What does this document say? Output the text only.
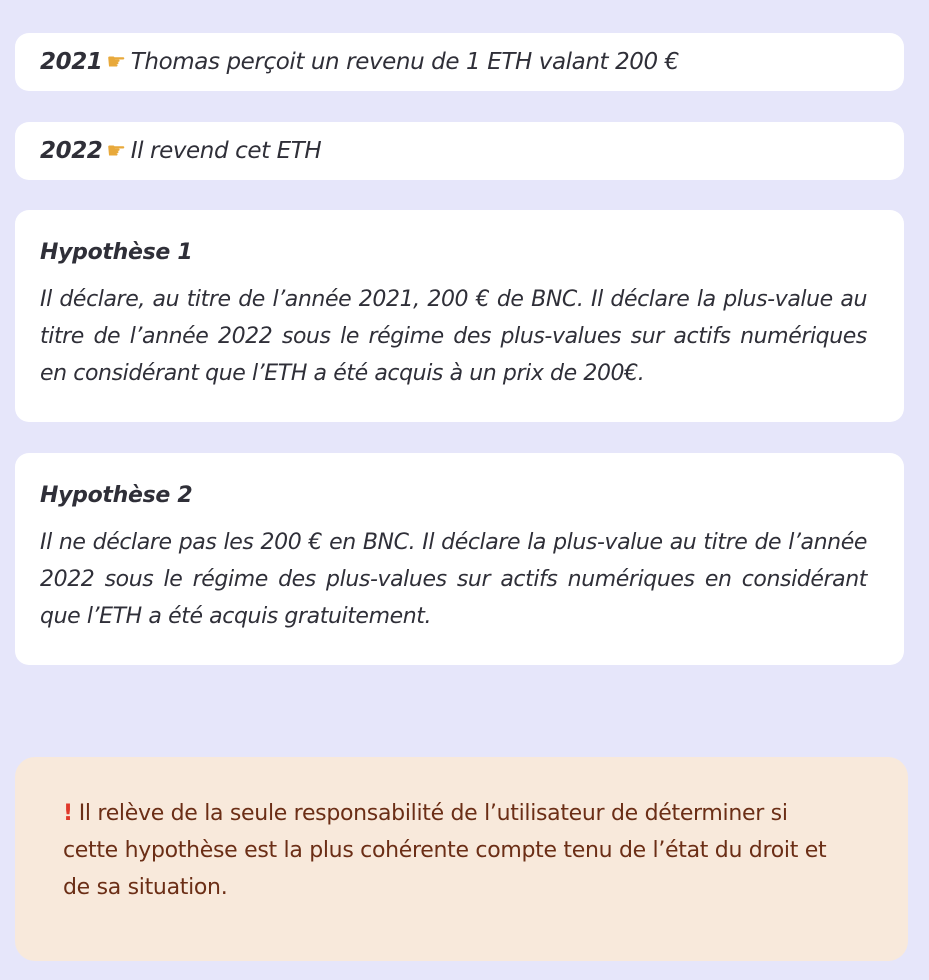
2021 ☛ Thomas perçoit un revenu de 1 ETH valant 200 €
2022 ☛ Il revend cet ETH
Hypothèse 1
Il déclare, au titre de l’année 2021, 200 € de BNC. Il déclare la plus-value au titre de l’année 2022 sous le régime des plus-values sur actifs numériques en considérant que l’ETH a été acquis à un prix de 200€.
Hypothèse 2
Il ne déclare pas les 200 € en BNC. Il déclare la plus-value au titre de l’année 2022 sous le régime des plus-values sur actifs numériques en considérant que l’ETH a été acquis gratuitement.
! Il relève de la seule responsabilité de l’utilisateur de déterminer si cette hypothèse est la plus cohérente compte tenu de l’état du droit et de sa situation.
